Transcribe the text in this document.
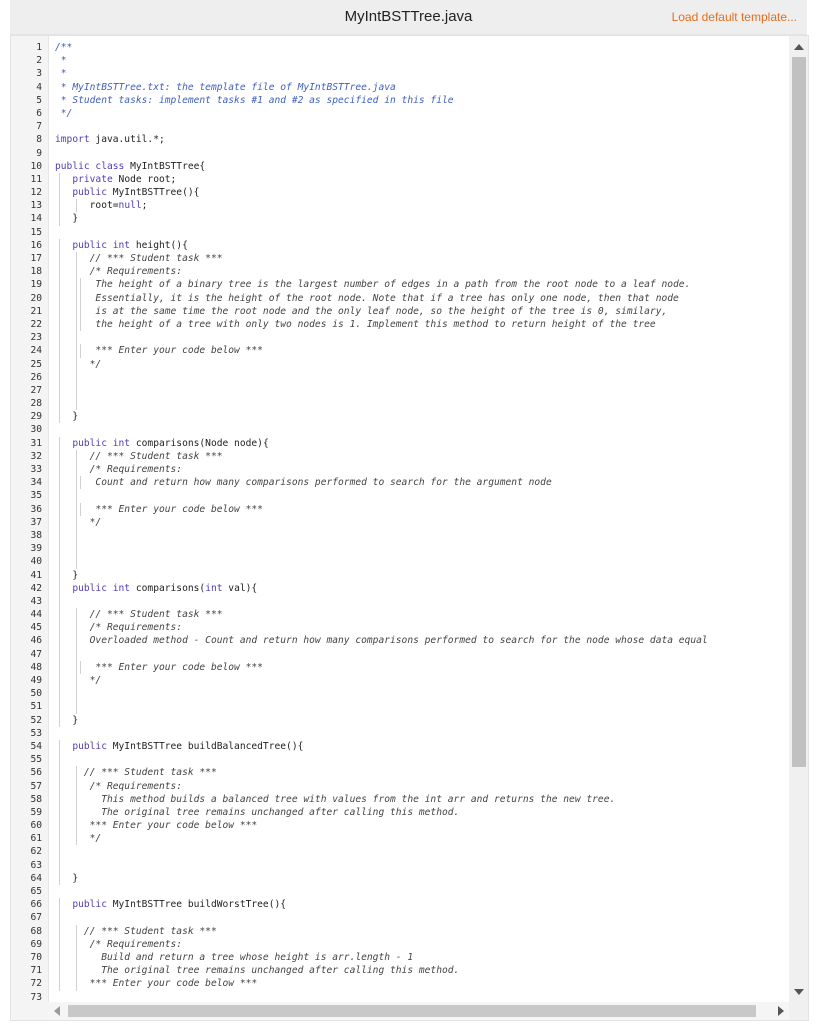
MyIntBSTTree.java	Load default template...
1 /**
2 *
3 *
4 * MyIntBSTTree.txt: the template file of MyIntBSTTree.java
5 * Student tasks: implement tasks #1 and #2 as specified in this file
6 */
7
8 import java.util.*;
9
10 public class MyIntBSTTree{
11 private Node root;
12 public MyIntBSTTree(){
13 root=null;
14 }
15
16 public int height(){
17 // *** Student task ***
18 /* Requirements:
19 The height of a binary tree is the largest number of edges in a path from the root node to a leaf node.
20 Essentially, it is the height of the root node. Note that if a tree has only one node, then that node
21 is at the same time the root node and the only leaf node, so the height of the tree is 0, similary,
22 the height of a tree with only two nodes is 1. Implement this method to return height of the tree
23
24 *** Enter your code below ***
25 */
26
27
28
29 }
30
31 public int comparisons(Node node){
32 // *** Student task ***
33 /* Requirements:
34 Count and return how many comparisons performed to search for the argument node
35
36 *** Enter your code below ***
37 */
38
39
40
41 }
42 public int comparisons(int val){
43
44 // *** Student task ***
45 /* Requirements:
46 Overloaded method - Count and return how many comparisons performed to search for the node whose data equal
47
48 *** Enter your code below ***
49 */
50
51
52 }
53
54 public MyIntBSTTree buildBalancedTree(){
55
56 // *** Student task ***
57 /* Requirements:
58 This method builds a balanced tree with values from the int arr and returns the new tree.
59 The original tree remains unchanged after calling this method.
60 *** Enter your code below ***
61 */
62
63
64 }
65
66 public MyIntBSTTree buildWorstTree(){
67
68 // *** Student task ***
69 /* Requirements:
70 Build and return a tree whose height is arr.length - 1
71 The original tree remains unchanged after calling this method.
72 *** Enter your code below ***
73
